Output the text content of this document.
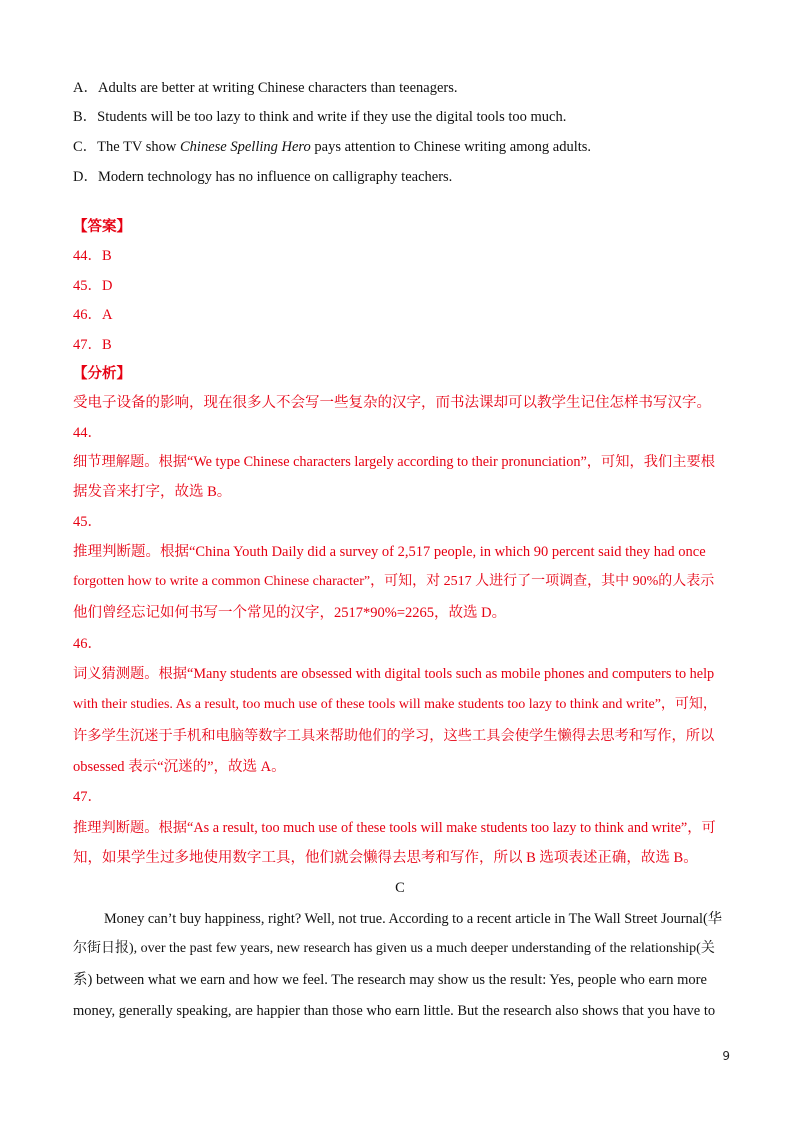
A．Adults are better at writing Chinese characters than teenagers.
B．Students will be too lazy to think and write if they use the digital tools too much.
C．The TV show Chinese Spelling Hero pays attention to Chinese writing among adults.
D．Modern technology has no influence on calligraphy teachers.
【答案】
44．B
45．D
46．A
47．B
【分析】
受电子设备的影响，现在很多人不会写一些复杂的汉字，而书法课却可以教学生记住怎样书写汉字。
44．
细节理解题。根据“We type Chinese characters largely according to their pronunciation”，可知，我们主要根
据发音来打字，故选 B。
45．
推理判断题。根据“China Youth Daily did a survey of 2,517 people, in which 90 percent said they had once
forgotten how to write a common Chinese character”，可知，对 2517 人进行了一项调查，其中 90%的人表示
他们曾经忘记如何书写一个常见的汉字，2517*90%=2265，故选 D。
46．
词义猜测题。根据“Many students are obsessed with digital tools such as mobile phones and computers to help
with their studies. As a result, too much use of these tools will make students too lazy to think and write”，可知，
许多学生沉迷于手机和电脑等数字工具来帮助他们的学习，这些工具会使学生懒得去思考和写作，所以
obsessed 表示“沉迷的”，故选 A。
47．
推理判断题。根据“As a result, too much use of these tools will make students too lazy to think and write”，可
知，如果学生过多地使用数字工具，他们就会懒得去思考和写作，所以 B 选项表述正确，故选 B。
C
Money can’t buy happiness, right? Well, not true. According to a recent article in The Wall Street Journal(华
尔街日报), over the past few years, new research has given us a much deeper understanding of the relationship(关
系) between what we earn and how we feel. The research may show us the result: Yes, people who earn more
money, generally speaking, are happier than those who earn little. But the research also shows that you have to
9
